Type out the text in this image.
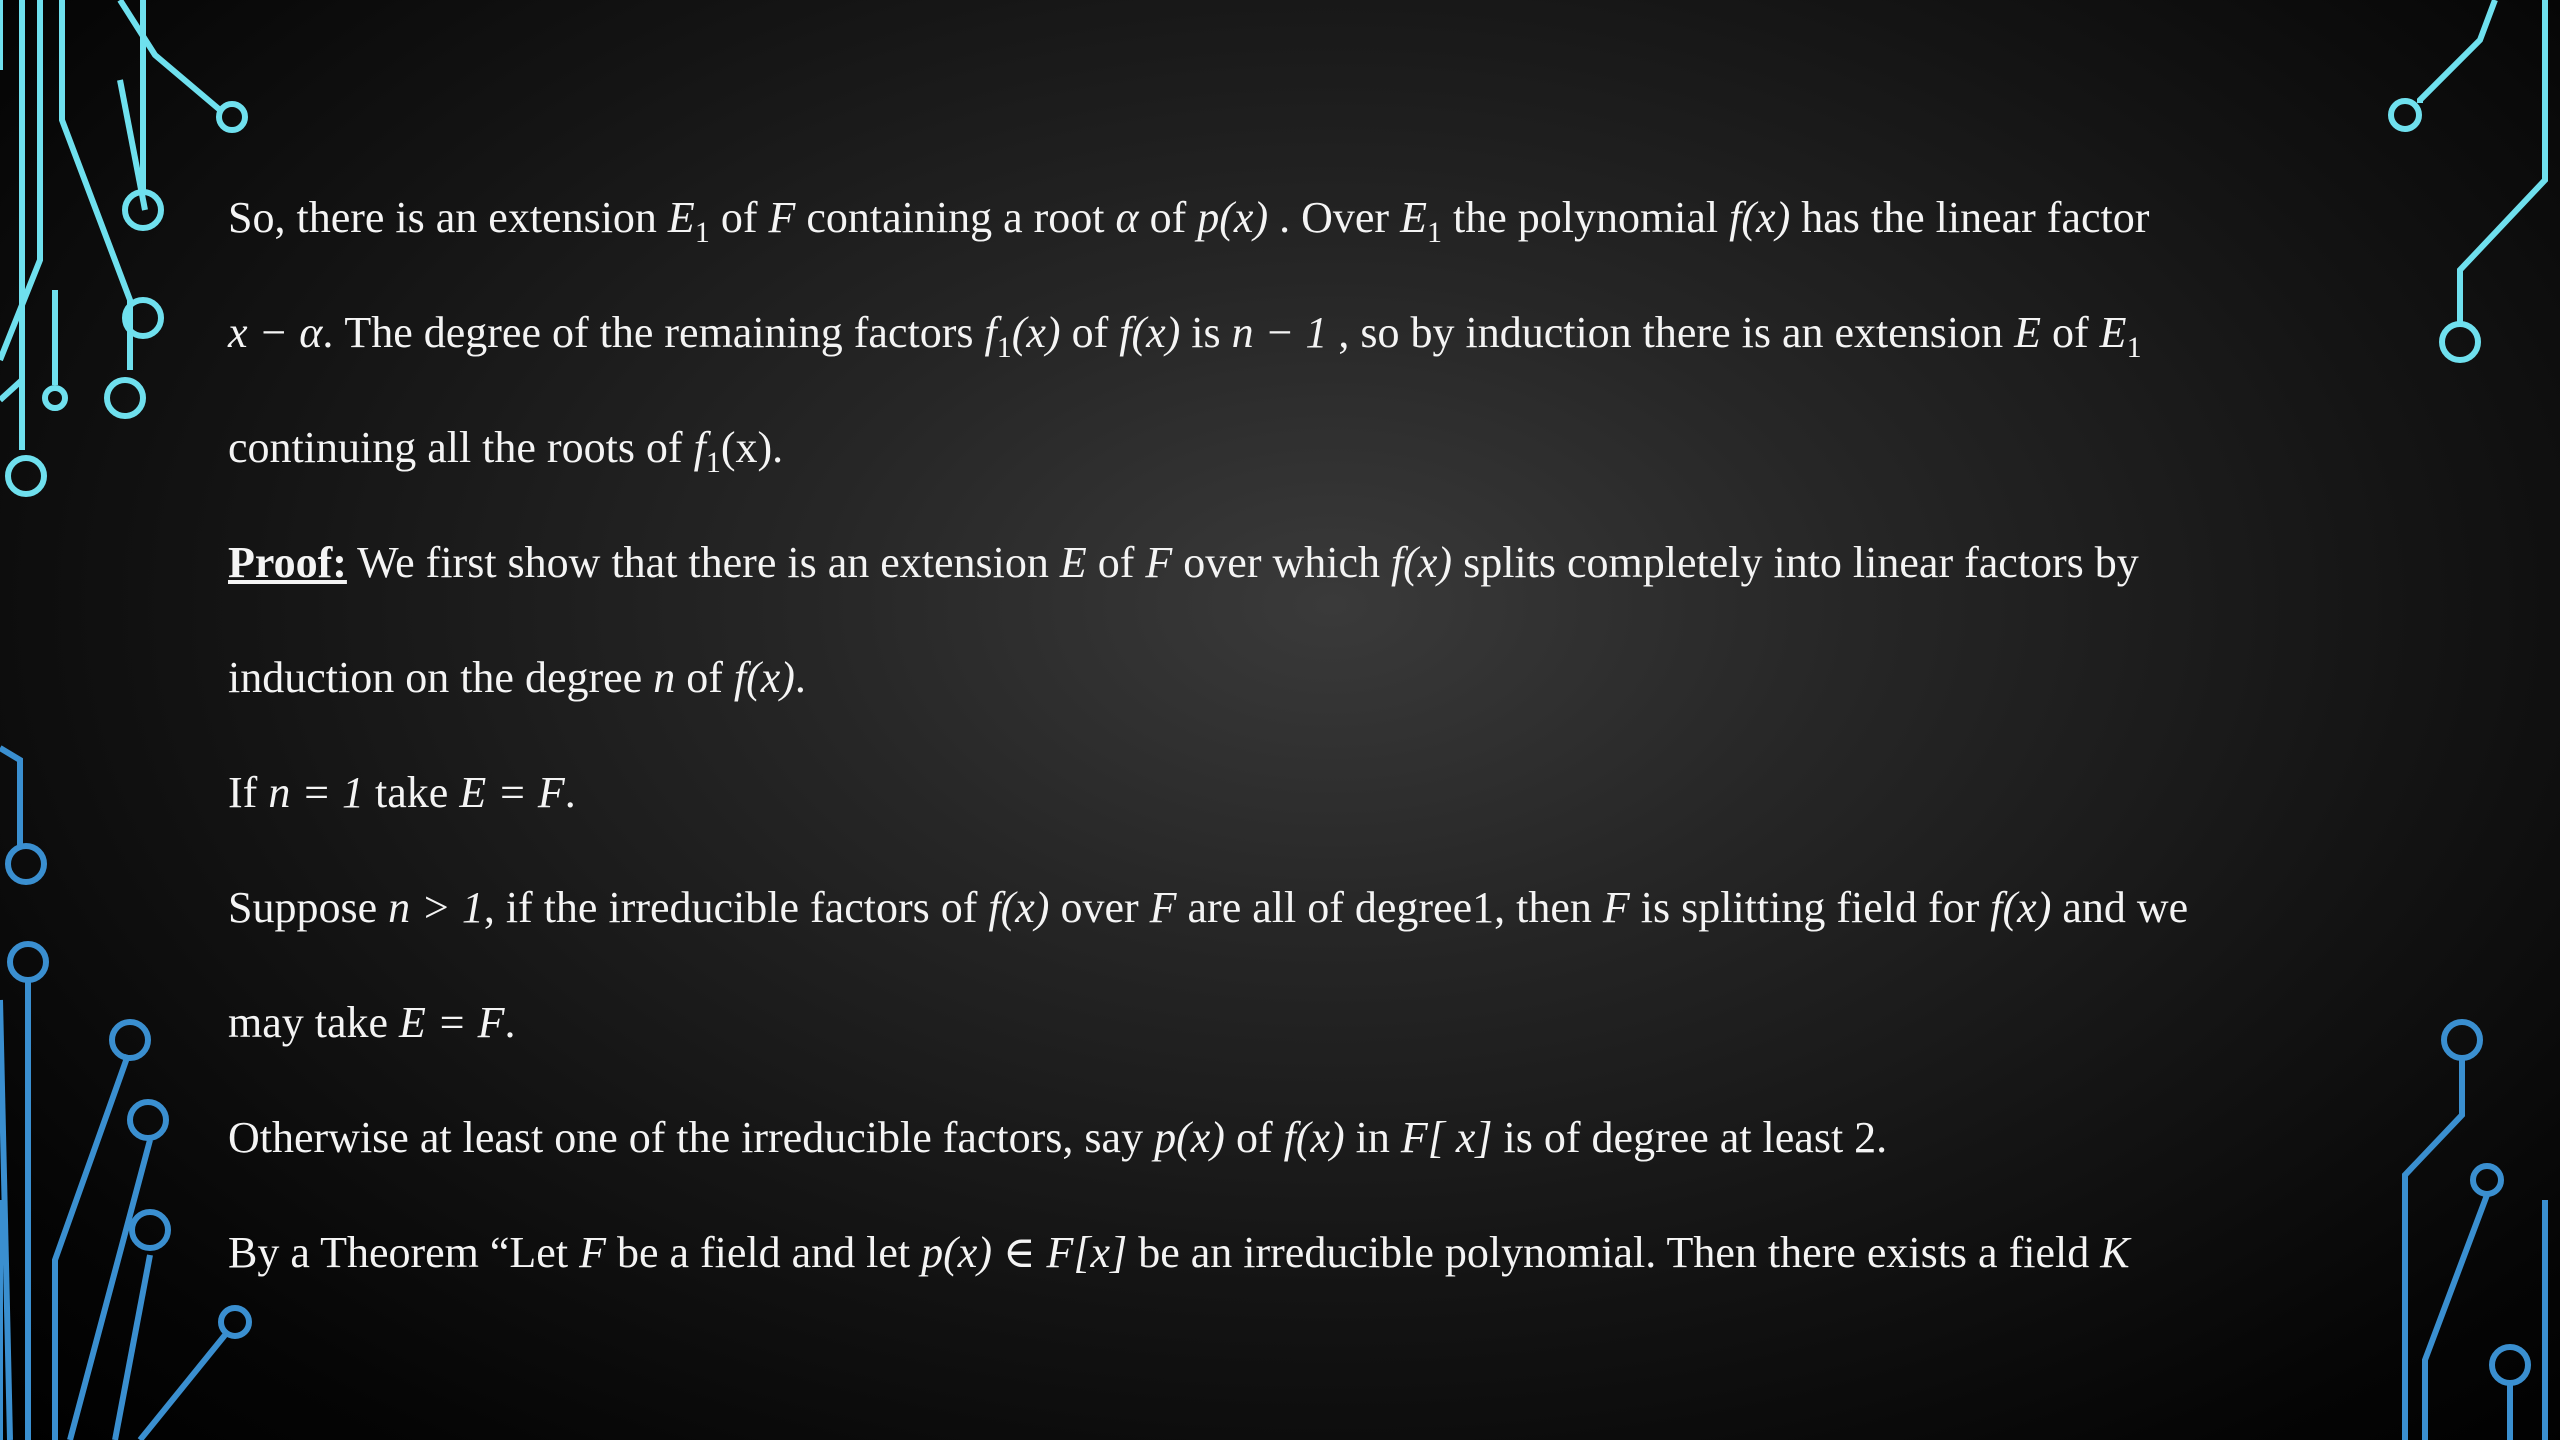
So, there is an extension $E_1$ of F containing a root α of p(x) . Over $E_1$ the polynomial f(x) has the linear factor
x − α. The degree of the remaining factors $f_1(x)$ of f(x) is n − 1 , so by induction there is an extension E of $E_1$
continuing all the roots of $f_1(x)$.
Proof: We first show that there is an extension E of F over which f(x) splits completely into linear factors by
induction on the degree n of f(x).
If n = 1 take E = F.
Suppose n > 1, if the irreducible factors of f(x) over F are all of degree1, then F is splitting field for f(x) and we
may take E = F.
Otherwise at least one of the irreducible factors, say p(x) of f(x) in F[ x] is of degree at least 2.
By a Theorem “Let F be a field and let p(x) ∈ F[x] be an irreducible polynomial. Then there exists a field K
